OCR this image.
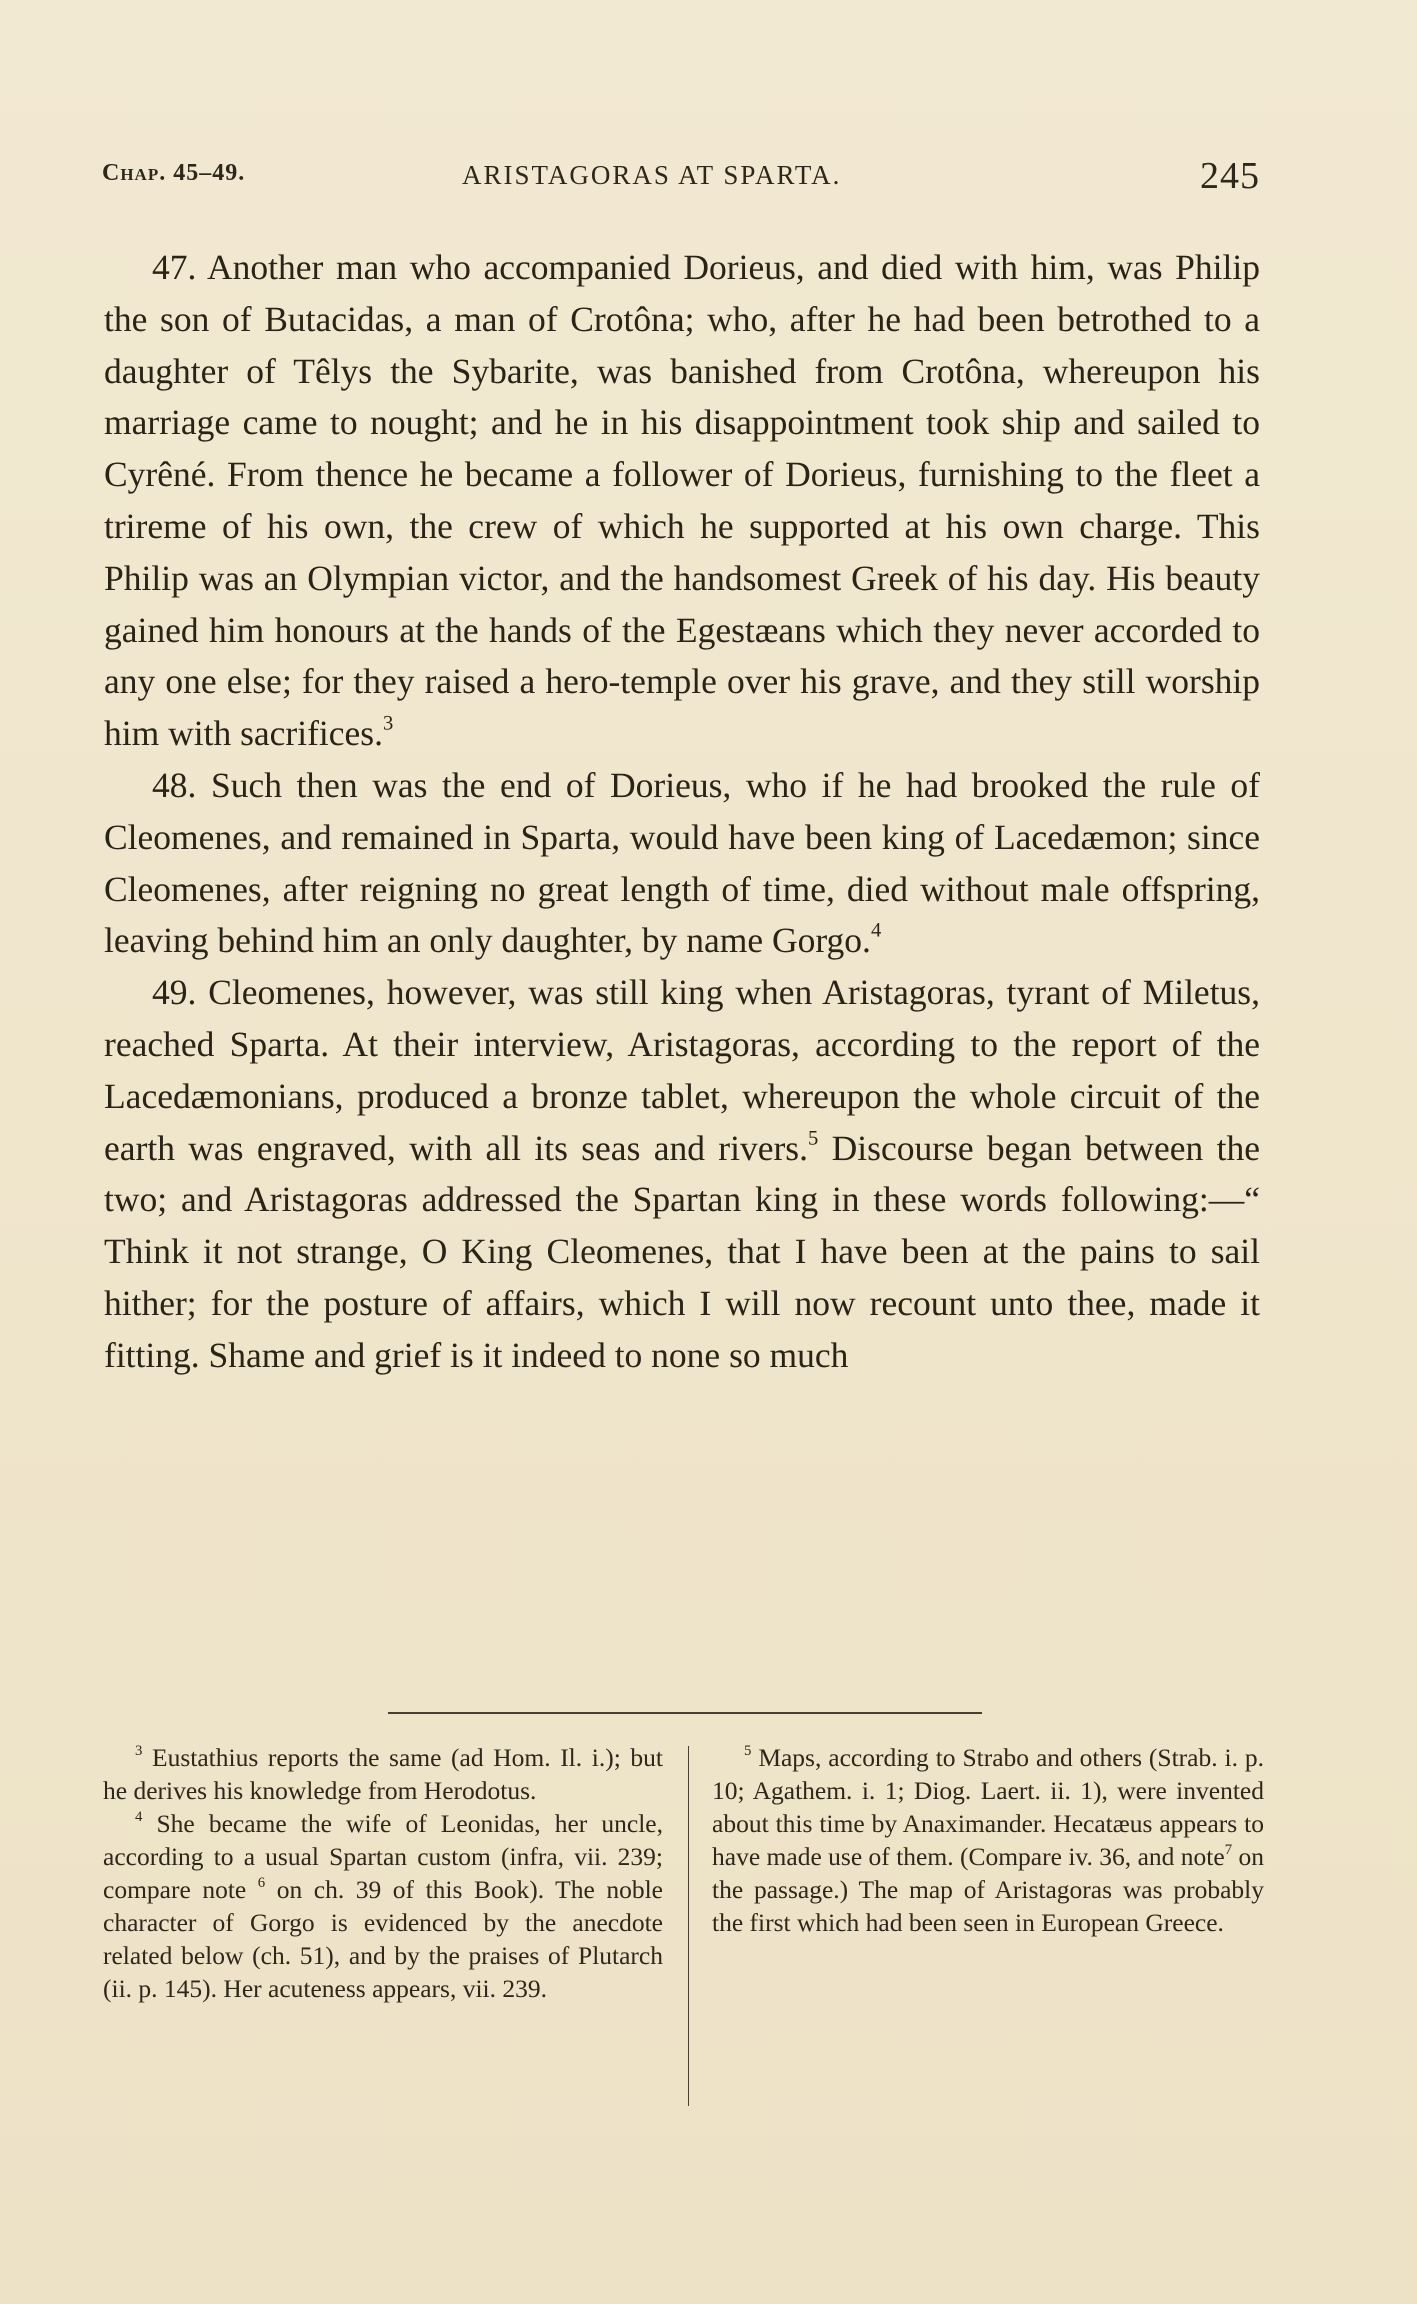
Chap. 45–49.	ARISTAGORAS AT SPARTA.	245

47. Another man who accompanied Dorieus, and died with him, was Philip the son of Butacidas, a man of Crotôna; who, after he had been betrothed to a daughter of Têlys the Sybarite, was banished from Crotôna, whereupon his marriage came to nought; and he in his disappointment took ship and sailed to Cyrêné. From thence he became a follower of Dorieus, furnishing to the fleet a trireme of his own, the crew of which he supported at his own charge. This Philip was an Olympian victor, and the handsomest Greek of his day. His beauty gained him honours at the hands of the Egestæans which they never accorded to any one else; for they raised a hero-temple over his grave, and they still worship him with sacrifices.$^3$

48. Such then was the end of Dorieus, who if he had brooked the rule of Cleomenes, and remained in Sparta, would have been king of Lacedæmon; since Cleomenes, after reigning no great length of time, died without male offspring, leaving behind him an only daughter, by name Gorgo.$^4$

49. Cleomenes, however, was still king when Aristagoras, tyrant of Miletus, reached Sparta. At their interview, Aristagoras, according to the report of the Lacedæmonians, produced a bronze tablet, whereupon the whole circuit of the earth was engraved, with all its seas and rivers.$^5$ Discourse began between the two; and Aristagoras addressed the Spartan king in these words following:—“ Think it not strange, O King Cleomenes, that I have been at the pains to sail hither; for the posture of affairs, which I will now recount unto thee, made it fitting. Shame and grief is it indeed to none so much

$^3$ Eustathius reports the same (ad Hom. Il. i.); but he derives his knowledge from Herodotus.

$^4$ She became the wife of Leonidas, her uncle, according to a usual Spartan custom (infra, vii. 239; compare note $^6$ on ch. 39 of this Book). The noble character of Gorgo is evidenced by the anecdote related below (ch. 51), and by the praises of Plutarch (ii. p. 145). Her acuteness appears, vii. 239.

$^5$ Maps, according to Strabo and others (Strab. i. p. 10; Agathem. i. 1; Diog. Laert. ii. 1), were invented about this time by Anaximander. Hecatæus appears to have made use of them. (Compare iv. 36, and note$^7$ on the passage.) The map of Aristagoras was probably the first which had been seen in European Greece.
